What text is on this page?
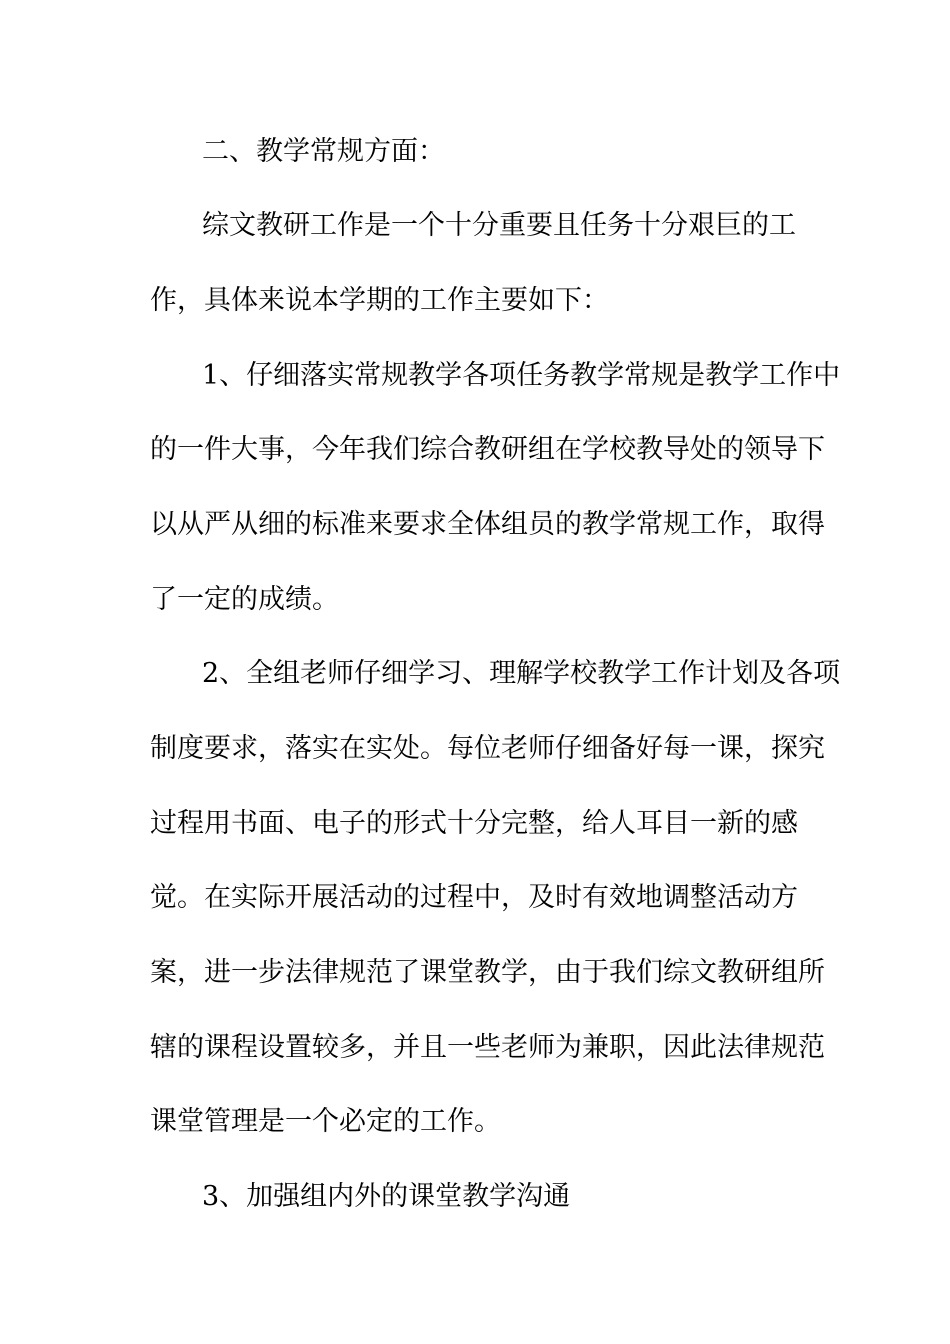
二、教学常规方面：
综文教研工作是一个十分重要且任务十分艰巨的工
作，具体来说本学期的工作主要如下：
1、仔细落实常规教学各项任务教学常规是教学工作中
的一件大事，今年我们综合教研组在学校教导处的领导下
以从严从细的标准来要求全体组员的教学常规工作，取得
了一定的成绩。
2、全组老师仔细学习、理解学校教学工作计划及各项
制度要求，落实在实处。每位老师仔细备好每一课，探究
过程用书面、电子的形式十分完整，给人耳目一新的感
觉。在实际开展活动的过程中，及时有效地调整活动方
案，进一步法律规范了课堂教学，由于我们综文教研组所
辖的课程设置较多，并且一些老师为兼职，因此法律规范
课堂管理是一个必定的工作。
3、加强组内外的课堂教学沟通
